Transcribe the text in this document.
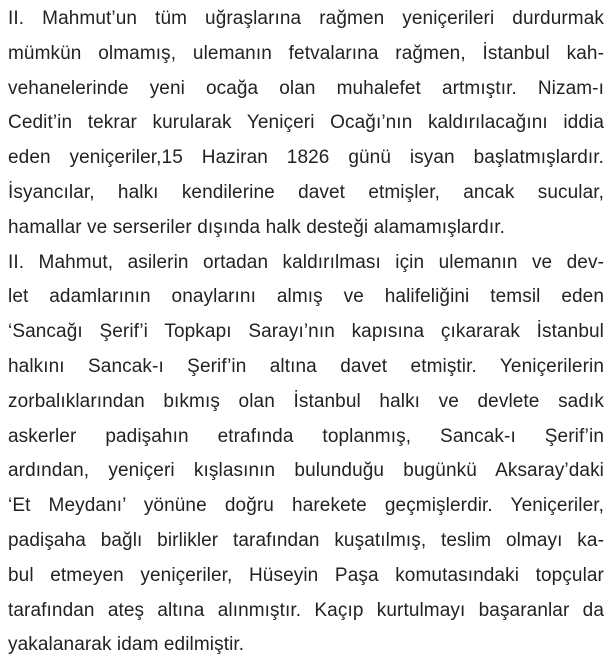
II. Mahmut’un tüm uğraşlarına rağmen yeniçerileri durdurmak
mümkün olmamış, ulemanın fetvalarına rağmen, İstanbul kah-
vehanelerinde yeni ocağa olan muhalefet artmıştır. Nizam-ı
Cedit’in tekrar kurularak Yeniçeri Ocağı’nın kaldırılacağını iddia
eden yeniçeriler,15 Haziran 1826 günü isyan başlatmışlardır.
İsyancılar, halkı kendilerine davet etmişler, ancak sucular,
hamallar ve serseriler dışında halk desteği alamamışlardır.
II. Mahmut, asilerin ortadan kaldırılması için ulemanın ve dev-
let adamlarının onaylarını almış ve halifeliğini temsil eden
‘Sancağı Şerif’i Topkapı Sarayı’nın kapısına çıkararak İstanbul
halkını Sancak-ı Şerif’in altına davet etmiştir. Yeniçerilerin
zorbalıklarından bıkmış olan İstanbul halkı ve devlete sadık
askerler padişahın etrafında toplanmış, Sancak-ı Şerif’in
ardından, yeniçeri kışlasının bulunduğu bugünkü Aksaray’daki
‘Et Meydanı’ yönüne doğru harekete geçmişlerdir. Yeniçeriler,
padişaha bağlı birlikler tarafından kuşatılmış, teslim olmayı ka-
bul etmeyen yeniçeriler, Hüseyin Paşa komutasındaki topçular
tarafından ateş altına alınmıştır. Kaçıp kurtulmayı başaranlar da
yakalanarak idam edilmiştir.
